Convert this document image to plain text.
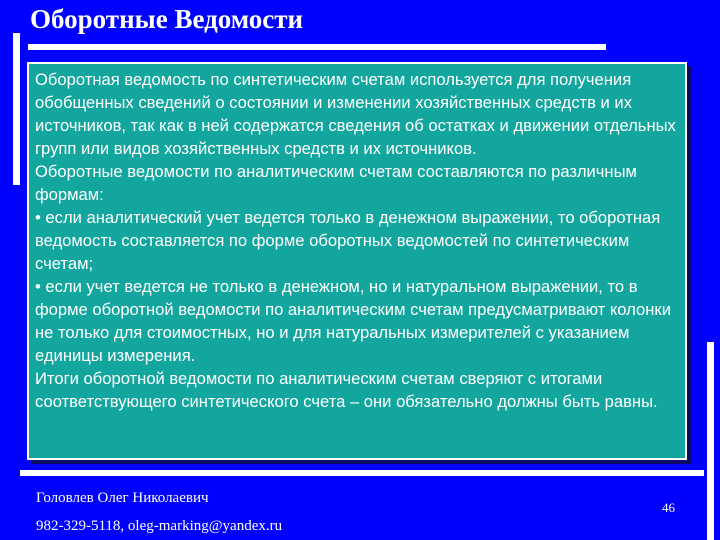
Оборотные Ведомости

Оборотная ведомость по синтетическим счетам используется для получения обобщенных сведений о состоянии и изменении хозяйственных средств и их источников, так как в ней содержатся сведения об остатках и движении отдельных групп или видов хозяйственных средств и их источников.

Оборотные ведомости по аналитическим счетам составляются по различным формам:

• если аналитический учет ведется только в денежном выражении, то оборотная ведомость составляется по форме оборотных ведомостей по синтетическим счетам;

• если учет ведется не только в денежном, но и натуральном выражении, то в форме оборотной ведомости по аналитическим счетам предусматривают колонки не только для стоимостных, но и для натуральных измерителей с указанием единицы измерения.

Итоги оборотной ведомости по аналитическим счетам сверяют с итогами соответствующего синтетического счета – они обязательно должны быть равны.

Головлев Олег Николаевич

982-329-5118, oleg-marking@yandex.ru

46
